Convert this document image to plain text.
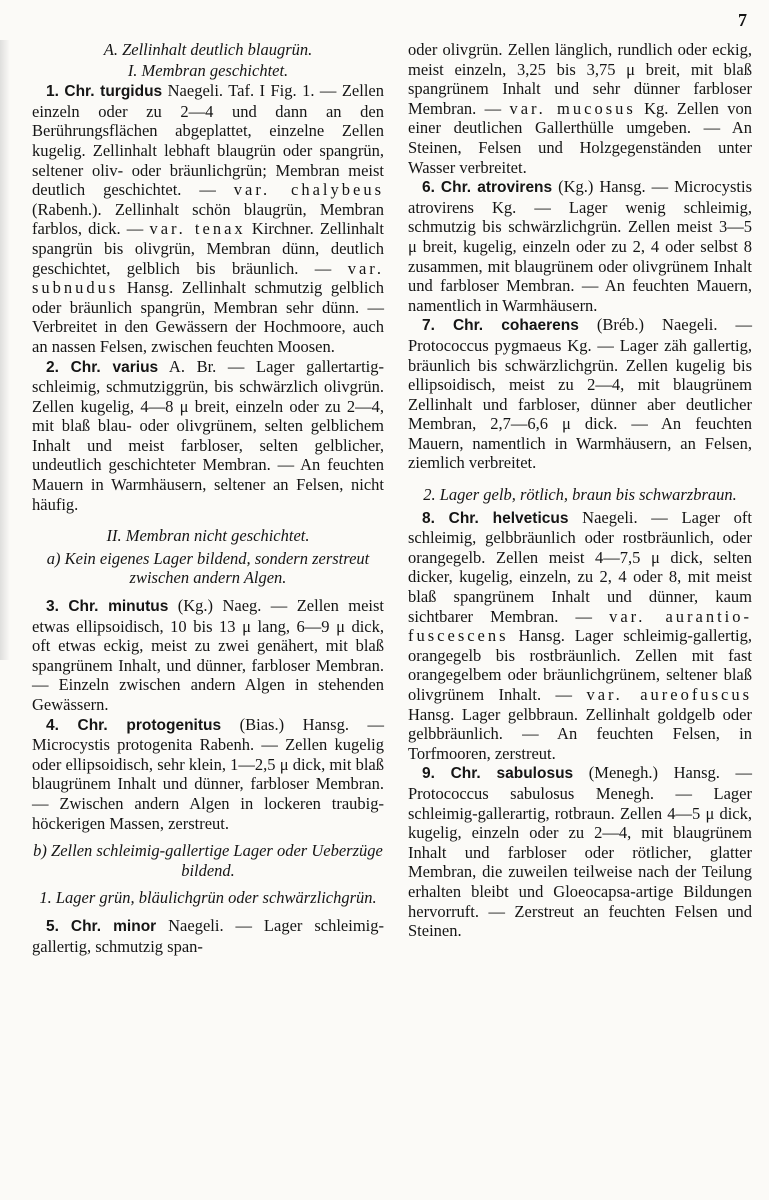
7

A. Zellinhalt deutlich blaugrün.

I. Membran geschichtet.

1. Chr. turgidus Naegeli. Taf. I Fig. 1. — Zellen einzeln oder zu 2—4 und dann an den Berührungsflächen abgeplattet, einzelne Zellen kugelig. Zellinhalt lebhaft blaugrün oder spangrün, seltener oliv- oder bräunlichgrün; Membran meist deutlich geschichtet. — var. chalybeus (Rabenh.). Zellinhalt schön blaugrün, Membran farblos, dick. — var. tenax Kirchner. Zellinhalt spangrün bis olivgrün, Membran dünn, deutlich geschichtet, gelblich bis bräunlich. — var. subnudus Hansg. Zellinhalt schmutzig gelblich oder bräunlich spangrün, Membran sehr dünn. — Verbreitet in den Gewässern der Hochmoore, auch an nassen Felsen, zwischen feuchten Moosen.

2. Chr. varius A. Br. — Lager gallertartig-schleimig, schmutziggrün, bis schwärzlich olivgrün. Zellen kugelig, 4—8 μ breit, einzeln oder zu 2—4, mit blaß blau- oder olivgrünem, selten gelblichem Inhalt und meist farbloser, selten gelblicher, undeutlich geschichteter Membran. — An feuchten Mauern in Warmhäusern, seltener an Felsen, nicht häufig.

II. Membran nicht geschichtet.

a) Kein eigenes Lager bildend, sondern zerstreut zwischen andern Algen.

3. Chr. minutus (Kg.) Naeg. — Zellen meist etwas ellipsoidisch, 10 bis 13 μ lang, 6—9 μ dick, oft etwas eckig, meist zu zwei genähert, mit blaß spangrünem Inhalt, und dünner, farbloser Membran. — Einzeln zwischen andern Algen in stehenden Gewässern.

4. Chr. protogenitus (Bias.) Hansg. — Microcystis protogenita Rabenh. — Zellen kugelig oder ellipsoidisch, sehr klein, 1—2,5 μ dick, mit blaß blaugrünem Inhalt und dünner, farbloser Membran. — Zwischen andern Algen in lockeren traubig-höckerigen Massen, zerstreut.

b) Zellen schleimig-gallertige Lager oder Ueberzüge bildend.

1. Lager grün, bläulichgrün oder schwärzlichgrün.

5. Chr. minor Naegeli. — Lager schleimig-gallertig, schmutzig span-

oder olivgrün. Zellen länglich, rundlich oder eckig, meist einzeln, 3,25 bis 3,75 μ breit, mit blaß spangrünem Inhalt und sehr dünner farbloser Membran. — var. mucosus Kg. Zellen von einer deutlichen Gallerthülle umgeben. — An Steinen, Felsen und Holzgegenständen unter Wasser verbreitet.

6. Chr. atrovirens (Kg.) Hansg. — Microcystis atrovirens Kg. — Lager wenig schleimig, schmutzig bis schwärzlichgrün. Zellen meist 3—5 μ breit, kugelig, einzeln oder zu 2, 4 oder selbst 8 zusammen, mit blaugrünem oder olivgrünem Inhalt und farbloser Membran. — An feuchten Mauern, namentlich in Warmhäusern.

7. Chr. cohaerens (Bréb.) Naegeli. — Protococcus pygmaeus Kg. — Lager zäh gallertig, bräunlich bis schwärzlichgrün. Zellen kugelig bis ellipsoidisch, meist zu 2—4, mit blaugrünem Zellinhalt und farbloser, dünner aber deutlicher Membran, 2,7—6,6 μ dick. — An feuchten Mauern, namentlich in Warmhäusern, an Felsen, ziemlich verbreitet.

2. Lager gelb, rötlich, braun bis schwarzbraun.

8. Chr. helveticus Naegeli. — Lager oft schleimig, gelbbräunlich oder rostbräunlich, oder orangegelb. Zellen meist 4—7,5 μ dick, selten dicker, kugelig, einzeln, zu 2, 4 oder 8, mit meist blaß spangrünem Inhalt und dünner, kaum sichtbarer Membran. — var. aurantio-fuscescens Hansg. Lager schleimig-gallertig, orangegelb bis rostbräunlich. Zellen mit fast orangegelbem oder bräunlichgrünem, seltener blaß olivgrünem Inhalt. — var. aureofuscus Hansg. Lager gelbbraun. Zellinhalt goldgelb oder gelbbräunlich. — An feuchten Felsen, in Torfmooren, zerstreut.

9. Chr. sabulosus (Menegh.) Hansg. — Protococcus sabulosus Menegh. — Lager schleimig-gallerartig, rotbraun. Zellen 4—5 μ dick, kugelig, einzeln oder zu 2—4, mit blaugrünem Inhalt und farbloser oder rötlicher, glatter Membran, die zuweilen teilweise nach der Teilung erhalten bleibt und Gloeocapsa-artige Bildungen hervorruft. — Zerstreut an feuchten Felsen und Steinen.
